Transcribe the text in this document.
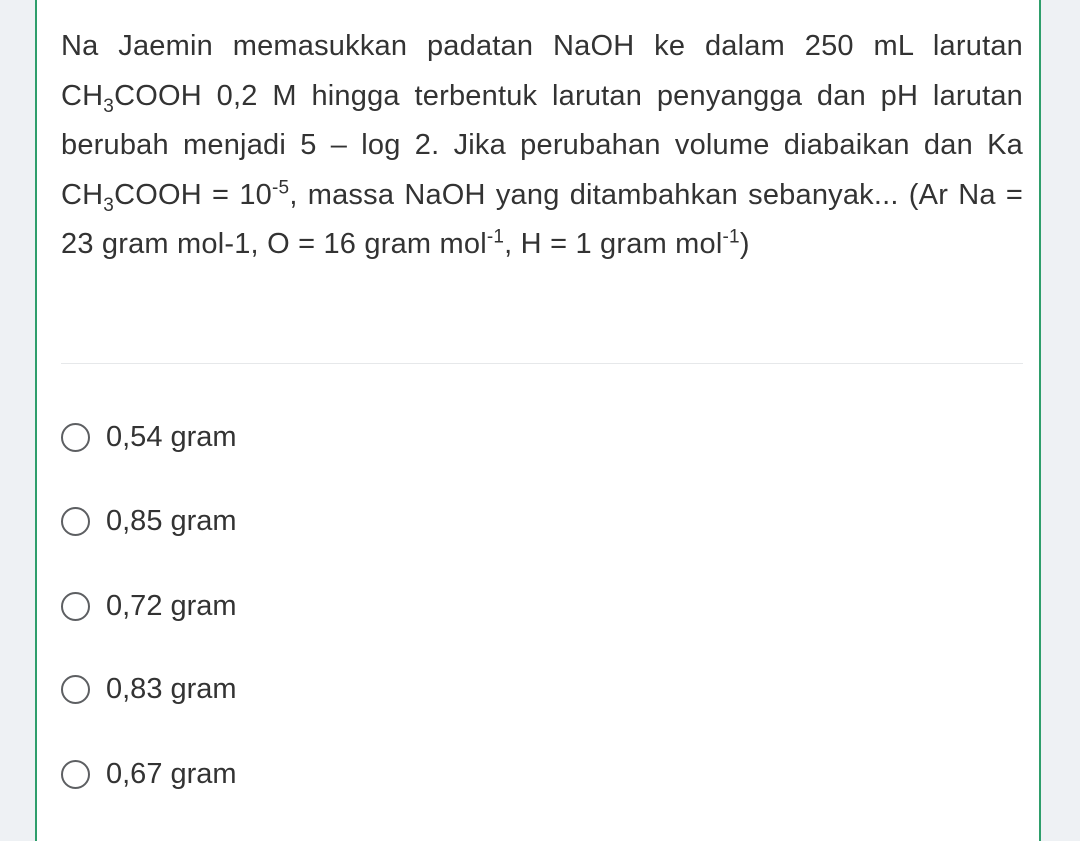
Na Jaemin memasukkan padatan NaOH ke dalam 250 mL larutan $CH_3COOH$ 0,2 M hingga terbentuk larutan penyangga dan pH larutan berubah menjadi 5 – log 2. Jika perubahan volume diabaikan dan Ka $CH_3COOH = 10^{-5}$, massa NaOH yang ditambahkan sebanyak... (Ar Na = 23 gram mol-1, O = 16 gram mol$^{-1}$, H = 1 gram mol$^{-1}$)

0,54 gram
0,85 gram
0,72 gram
0,83 gram
0,67 gram
